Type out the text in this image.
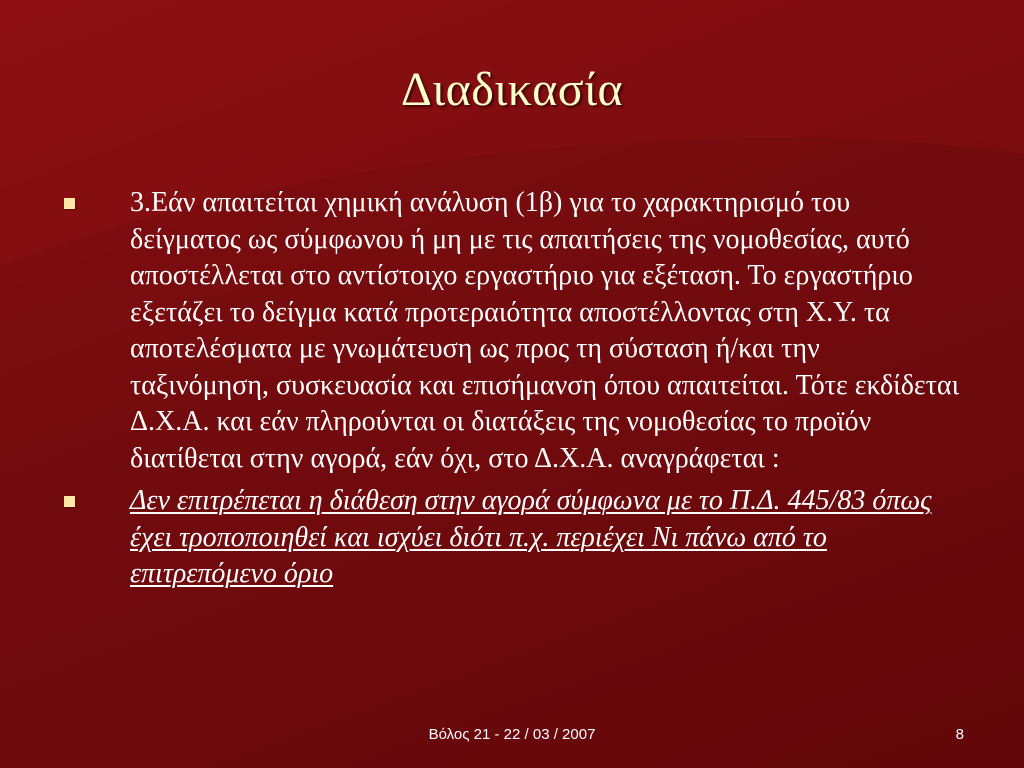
Διαδικασία
3.Εάν απαιτείται χημική ανάλυση (1β) για το χαρακτηρισμό του δείγματος ως σύμφωνου ή μη με τις απαιτήσεις της νομοθεσίας, αυτό αποστέλλεται στο αντίστοιχο εργαστήριο για εξέταση. Το εργαστήριο εξετάζει το δείγμα κατά προτεραιότητα αποστέλλοντας στη Χ.Υ. τα αποτελέσματα με γνωμάτευση ως προς τη σύσταση ή/και την ταξινόμηση, συσκευασία και επισήμανση όπου απαιτείται. Τότε εκδίδεται Δ.Χ.Α. και εάν πληρούνται οι διατάξεις της νομοθεσίας το προϊόν διατίθεται στην αγορά, εάν όχι, στο Δ.Χ.Α. αναγράφεται :
Δεν επιτρέπεται η διάθεση στην αγορά σύμφωνα με το Π.Δ. 445/83 όπως έχει τροποποιηθεί και ισχύει διότι π.χ. περιέχει Νι πάνω από το επιτρεπόμενο όριο
Βόλος 21 - 22 / 03 / 2007	8
